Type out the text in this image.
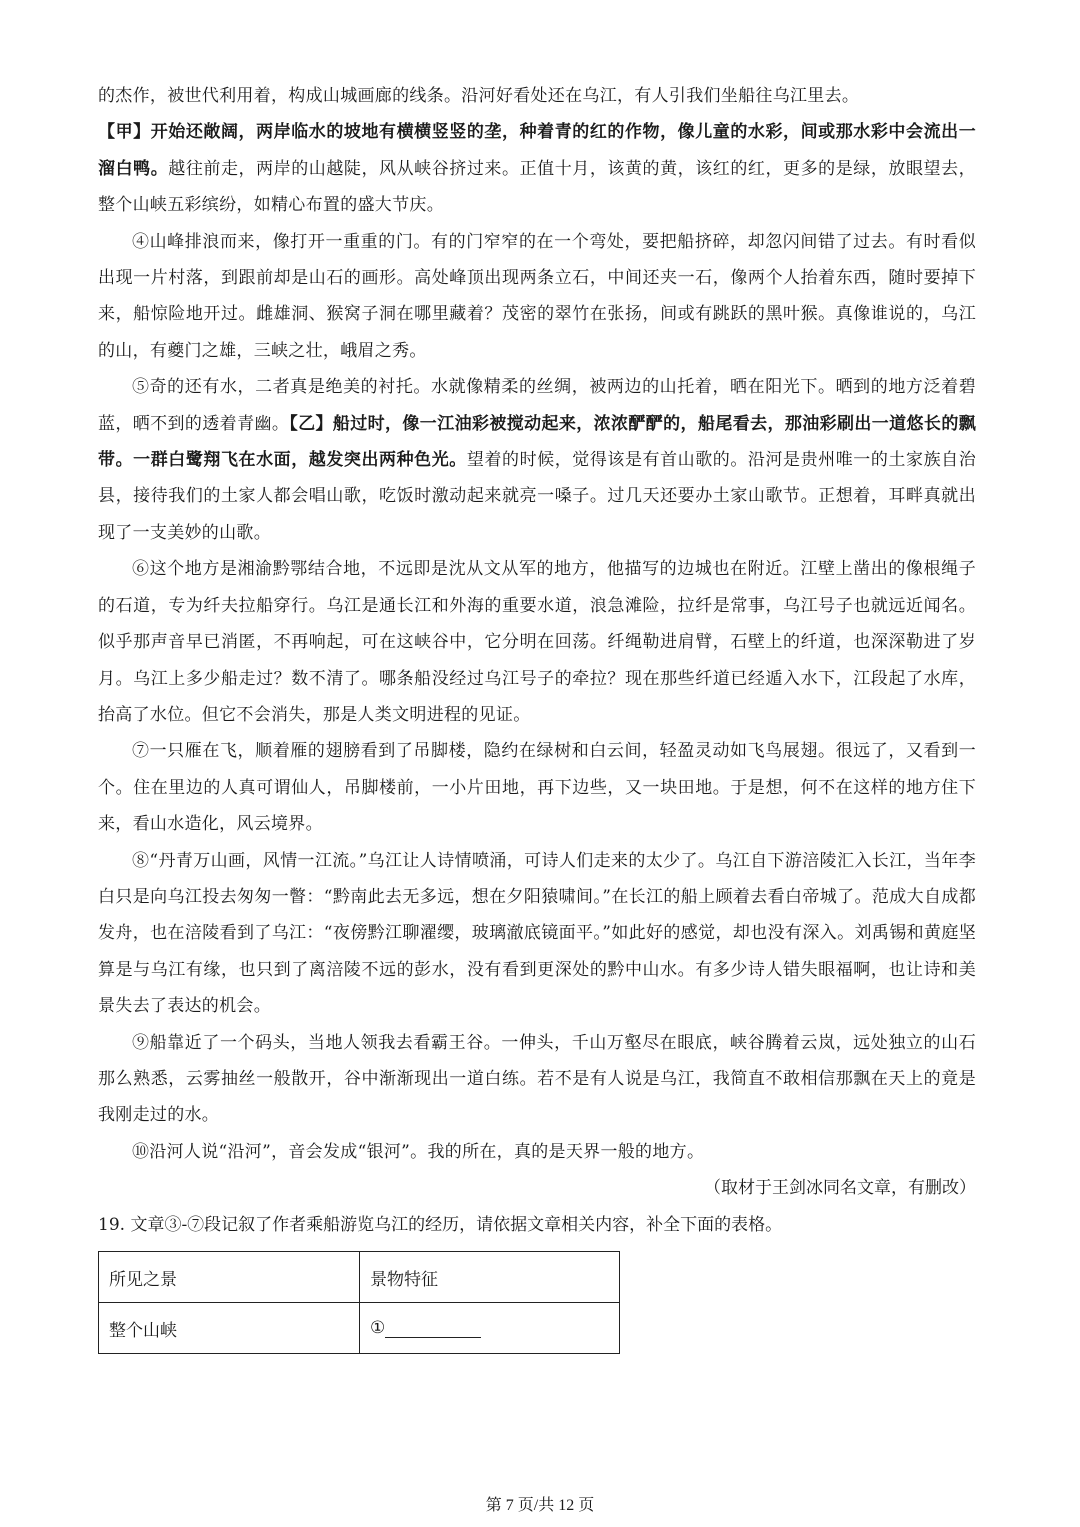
的杰作，被世代利用着，构成山城画廊的线条。沿河好看处还在乌江，有人引我们坐船往乌江里去。

【甲】开始还敞阔，两岸临水的坡地有横横竖竖的垄，种着青的红的作物，像儿童的水彩，间或那水彩中会流出一溜白鸭。越往前走，两岸的山越陡，风从峡谷挤过来。正值十月，该黄的黄，该红的红，更多的是绿，放眼望去，整个山峡五彩缤纷，如精心布置的盛大节庆。

④山峰排浪而来，像打开一重重的门。有的门窄窄的在一个弯处，要把船挤碎，却忽闪间错了过去。有时看似出现一片村落，到跟前却是山石的画形。高处峰顶出现两条立石，中间还夹一石，像两个人抬着东西，随时要掉下来，船惊险地开过。雌雄洞、猴窝子洞在哪里藏着？茂密的翠竹在张扬，间或有跳跃的黑叶猴。真像谁说的，乌江的山，有夔门之雄，三峡之壮，峨眉之秀。

⑤奇的还有水，二者真是绝美的衬托。水就像精柔的丝绸，被两边的山托着，晒在阳光下。晒到的地方泛着碧蓝，晒不到的透着青幽。【乙】船过时，像一江油彩被搅动起来，浓浓酽酽的，船尾看去，那油彩刷出一道悠长的飘带。一群白鹭翔飞在水面，越发突出两种色光。望着的时候，觉得该是有首山歌的。沿河是贵州唯一的土家族自治县，接待我们的土家人都会唱山歌，吃饭时激动起来就亮一嗓子。过几天还要办土家山歌节。正想着，耳畔真就出现了一支美妙的山歌。

⑥这个地方是湘渝黔鄂结合地，不远即是沈从文从军的地方，他描写的边城也在附近。江壁上凿出的像根绳子的石道，专为纤夫拉船穿行。乌江是通长江和外海的重要水道，浪急滩险，拉纤是常事，乌江号子也就远近闻名。似乎那声音早已消匿，不再响起，可在这峡谷中，它分明在回荡。纤绳勒进肩臂，石壁上的纤道，也深深勒进了岁月。乌江上多少船走过？数不清了。哪条船没经过乌江号子的牵拉？现在那些纤道已经遁入水下，江段起了水库，抬高了水位。但它不会消失，那是人类文明进程的见证。

⑦一只雁在飞，顺着雁的翅膀看到了吊脚楼，隐约在绿树和白云间，轻盈灵动如飞鸟展翅。很远了，又看到一个。住在里边的人真可谓仙人，吊脚楼前，一小片田地，再下边些，又一块田地。于是想，何不在这样的地方住下来，看山水造化，风云境界。

⑧“丹青万山画，风情一江流。”乌江让人诗情喷涌，可诗人们走来的太少了。乌江自下游涪陵汇入长江，当年李白只是向乌江投去匆匆一瞥：“黔南此去无多远，想在夕阳猿啸间。”在长江的船上顾着去看白帝城了。范成大自成都发舟，也在涪陵看到了乌江：“夜傍黔江聊濯缨，玻璃澈底镜面平。”如此好的感觉，却也没有深入。刘禹锡和黄庭坚算是与乌江有缘，也只到了离涪陵不远的彭水，没有看到更深处的黔中山水。有多少诗人错失眼福啊，也让诗和美景失去了表达的机会。

⑨船靠近了一个码头，当地人领我去看霸王谷。一伸头，千山万壑尽在眼底，峡谷腾着云岚，远处独立的山石那么熟悉，云雾抽丝一般散开，谷中渐渐现出一道白练。若不是有人说是乌江，我简直不敢相信那飘在天上的竟是我刚走过的水。

⑩沿河人说“沿河”，音会发成“银河”。我的所在，真的是天界一般的地方。

（取材于王剑冰同名文章，有删改）

19. 文章③-⑦段记叙了作者乘船游览乌江的经历，请依据文章相关内容，补全下面的表格。

所见之景	景物特征
整个山峡	①
第 7 页/共 12 页
